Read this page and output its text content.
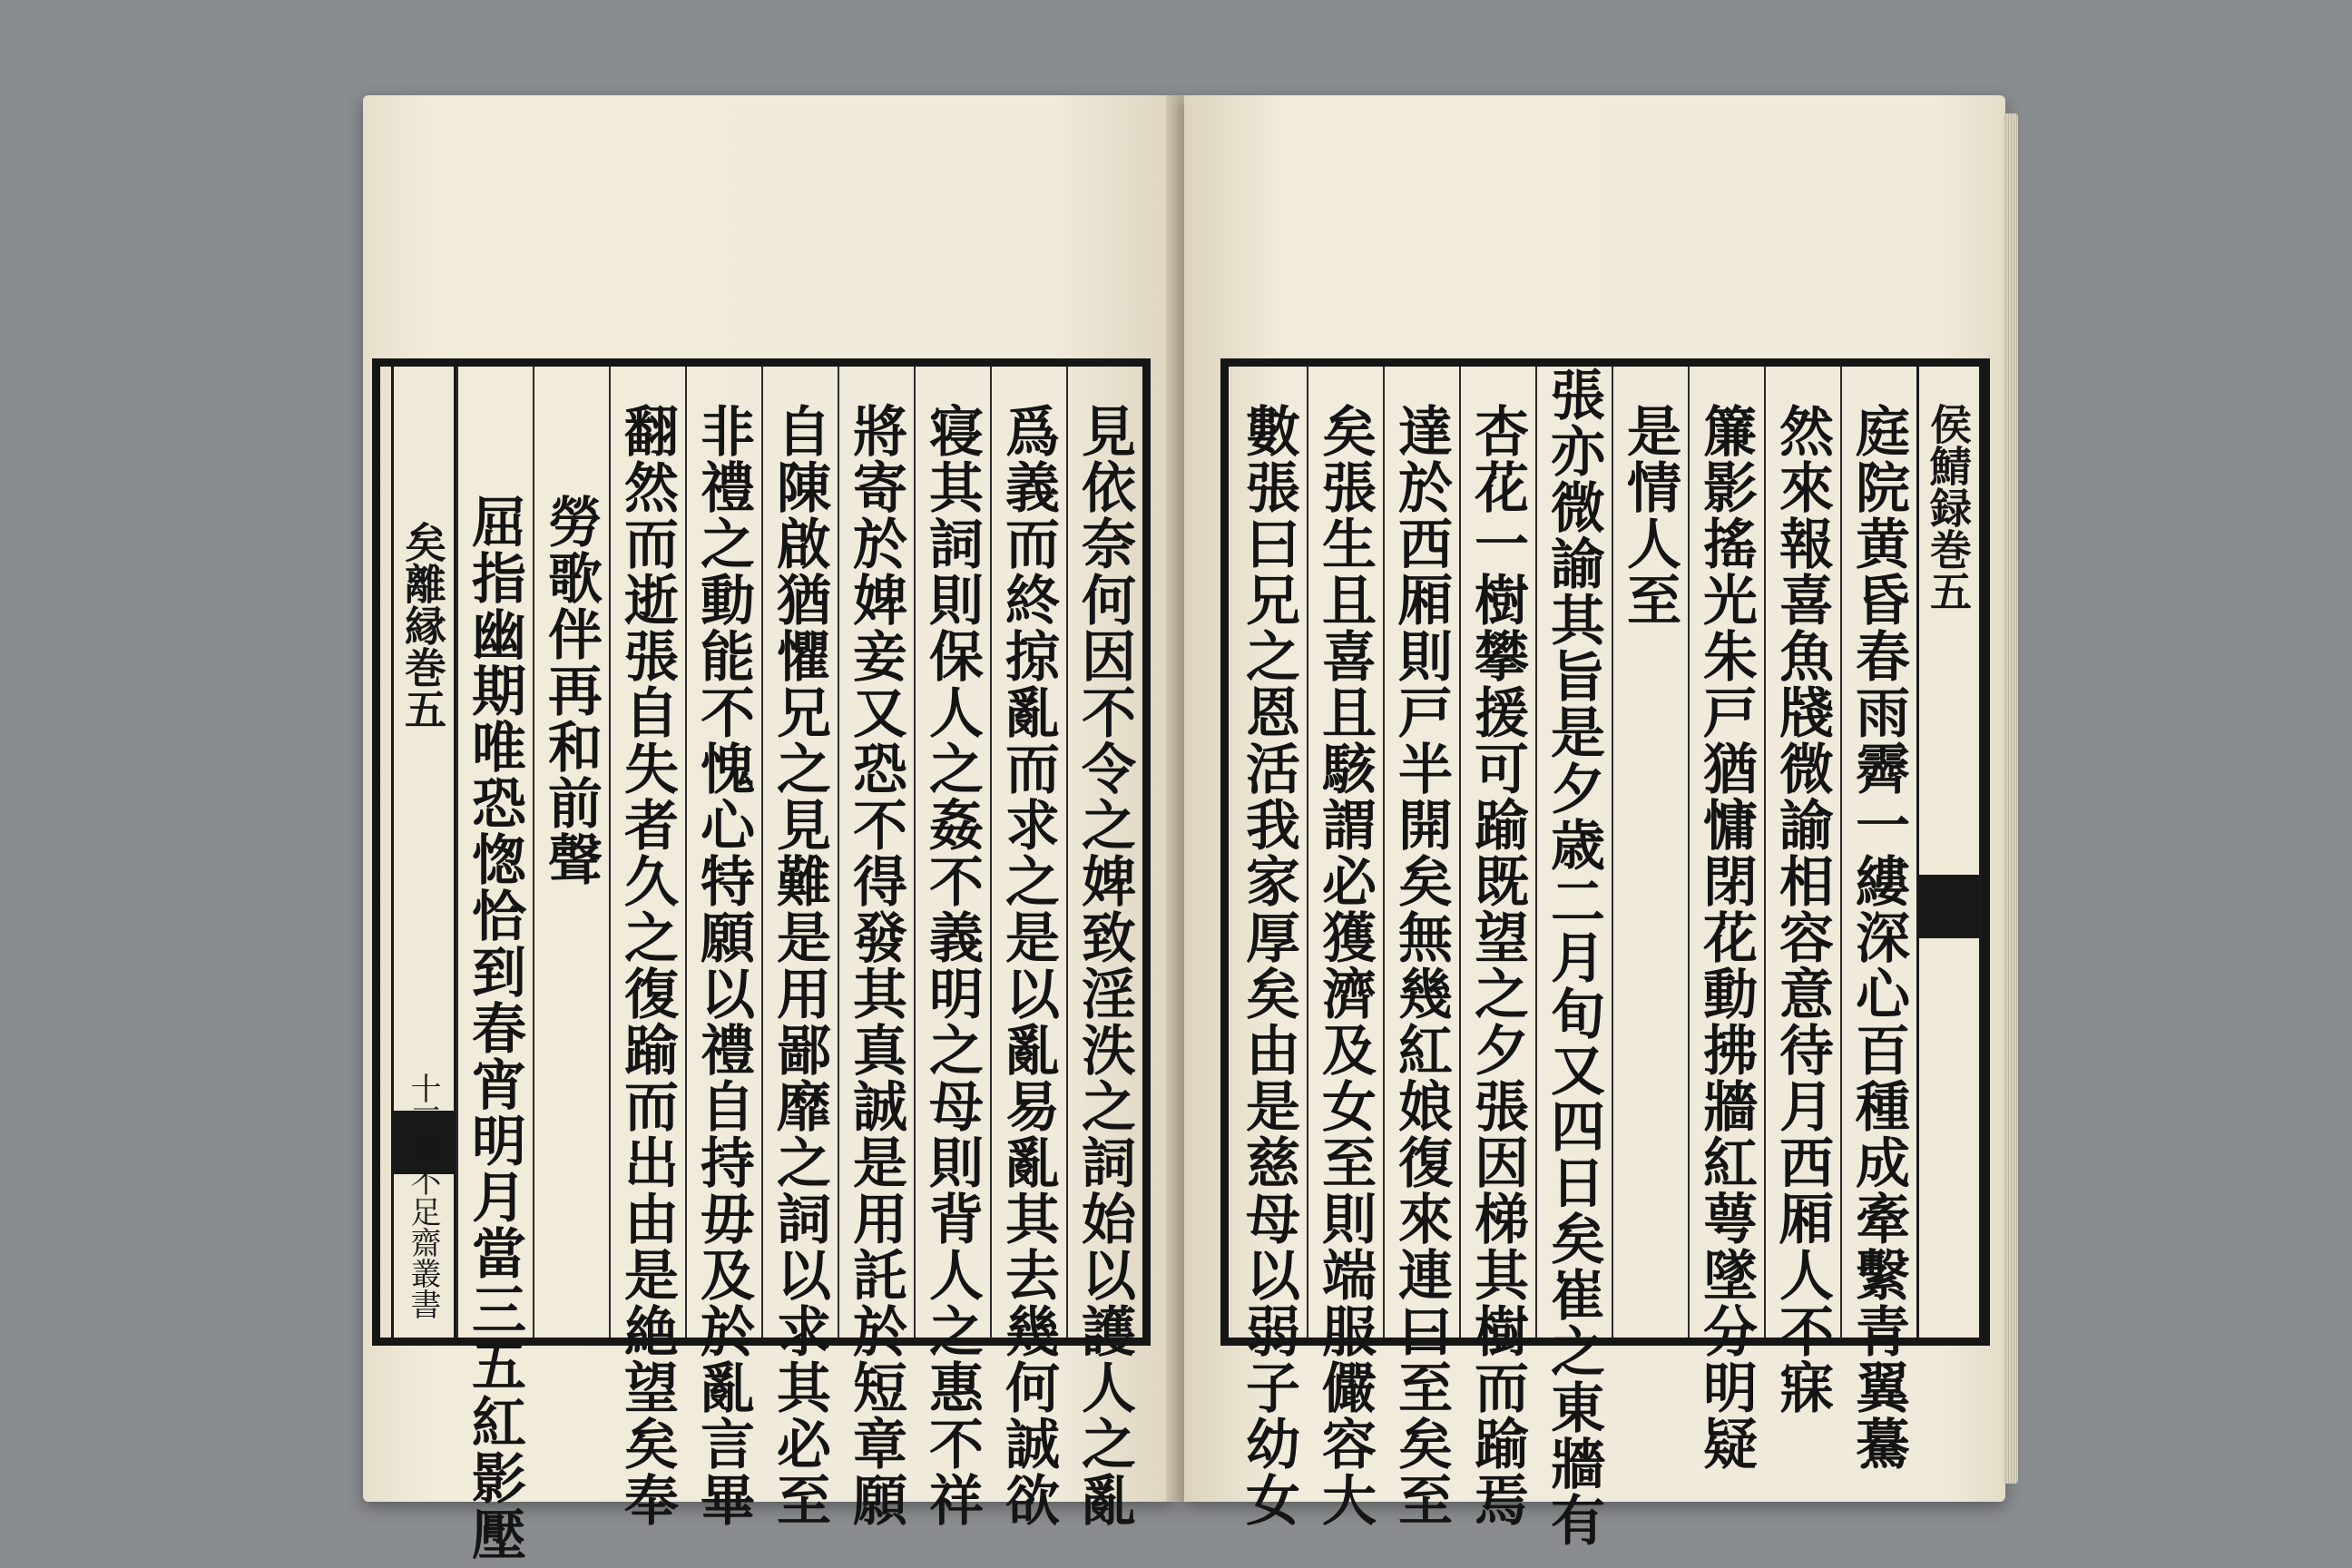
見依奈何因不令之婢致淫泆之詞始以護人之亂
爲義而終掠亂而求之是以亂易亂其去幾何誠欲
寝其詞則保人之姦不義明之母則背人之惠不祥
將寄於婢妾又恐不得發其真誠是用託於短章願
自陳啟猶懼兄之見難是用鄙靡之詞以求其必至
非禮之動能不愧心特願以禮自持毋及於亂言畢
翻然而逝張自失者久之復踰而出由是絶望矣奉
勞歌伴再和前聲
屈指幽期唯恐愡恰到春宵明月當三五紅影壓
矣離縁巻五
十三知不足齋叢書
侯鯖録巻五
庭院黄昏春雨霽一縷深心百種成牽繫青翼驀
然來報喜魚牋微諭相容意待月西厢人不寐
簾影搖光朱戸猶慵閉花動拂牆紅萼墜分明疑
是情人至
張亦微諭其旨是夕歳二月旬又四日矣崔之東牆有
杏花一樹攀援可踰既望之夕張因梯其樹而踰焉
達於西厢則戸半開矣無幾紅娘復來連曰至矣至
矣張生且喜且駭謂必獲濟及女至則端服儼容大
數張曰兄之恩活我家厚矣由是慈母以弱子幼女
